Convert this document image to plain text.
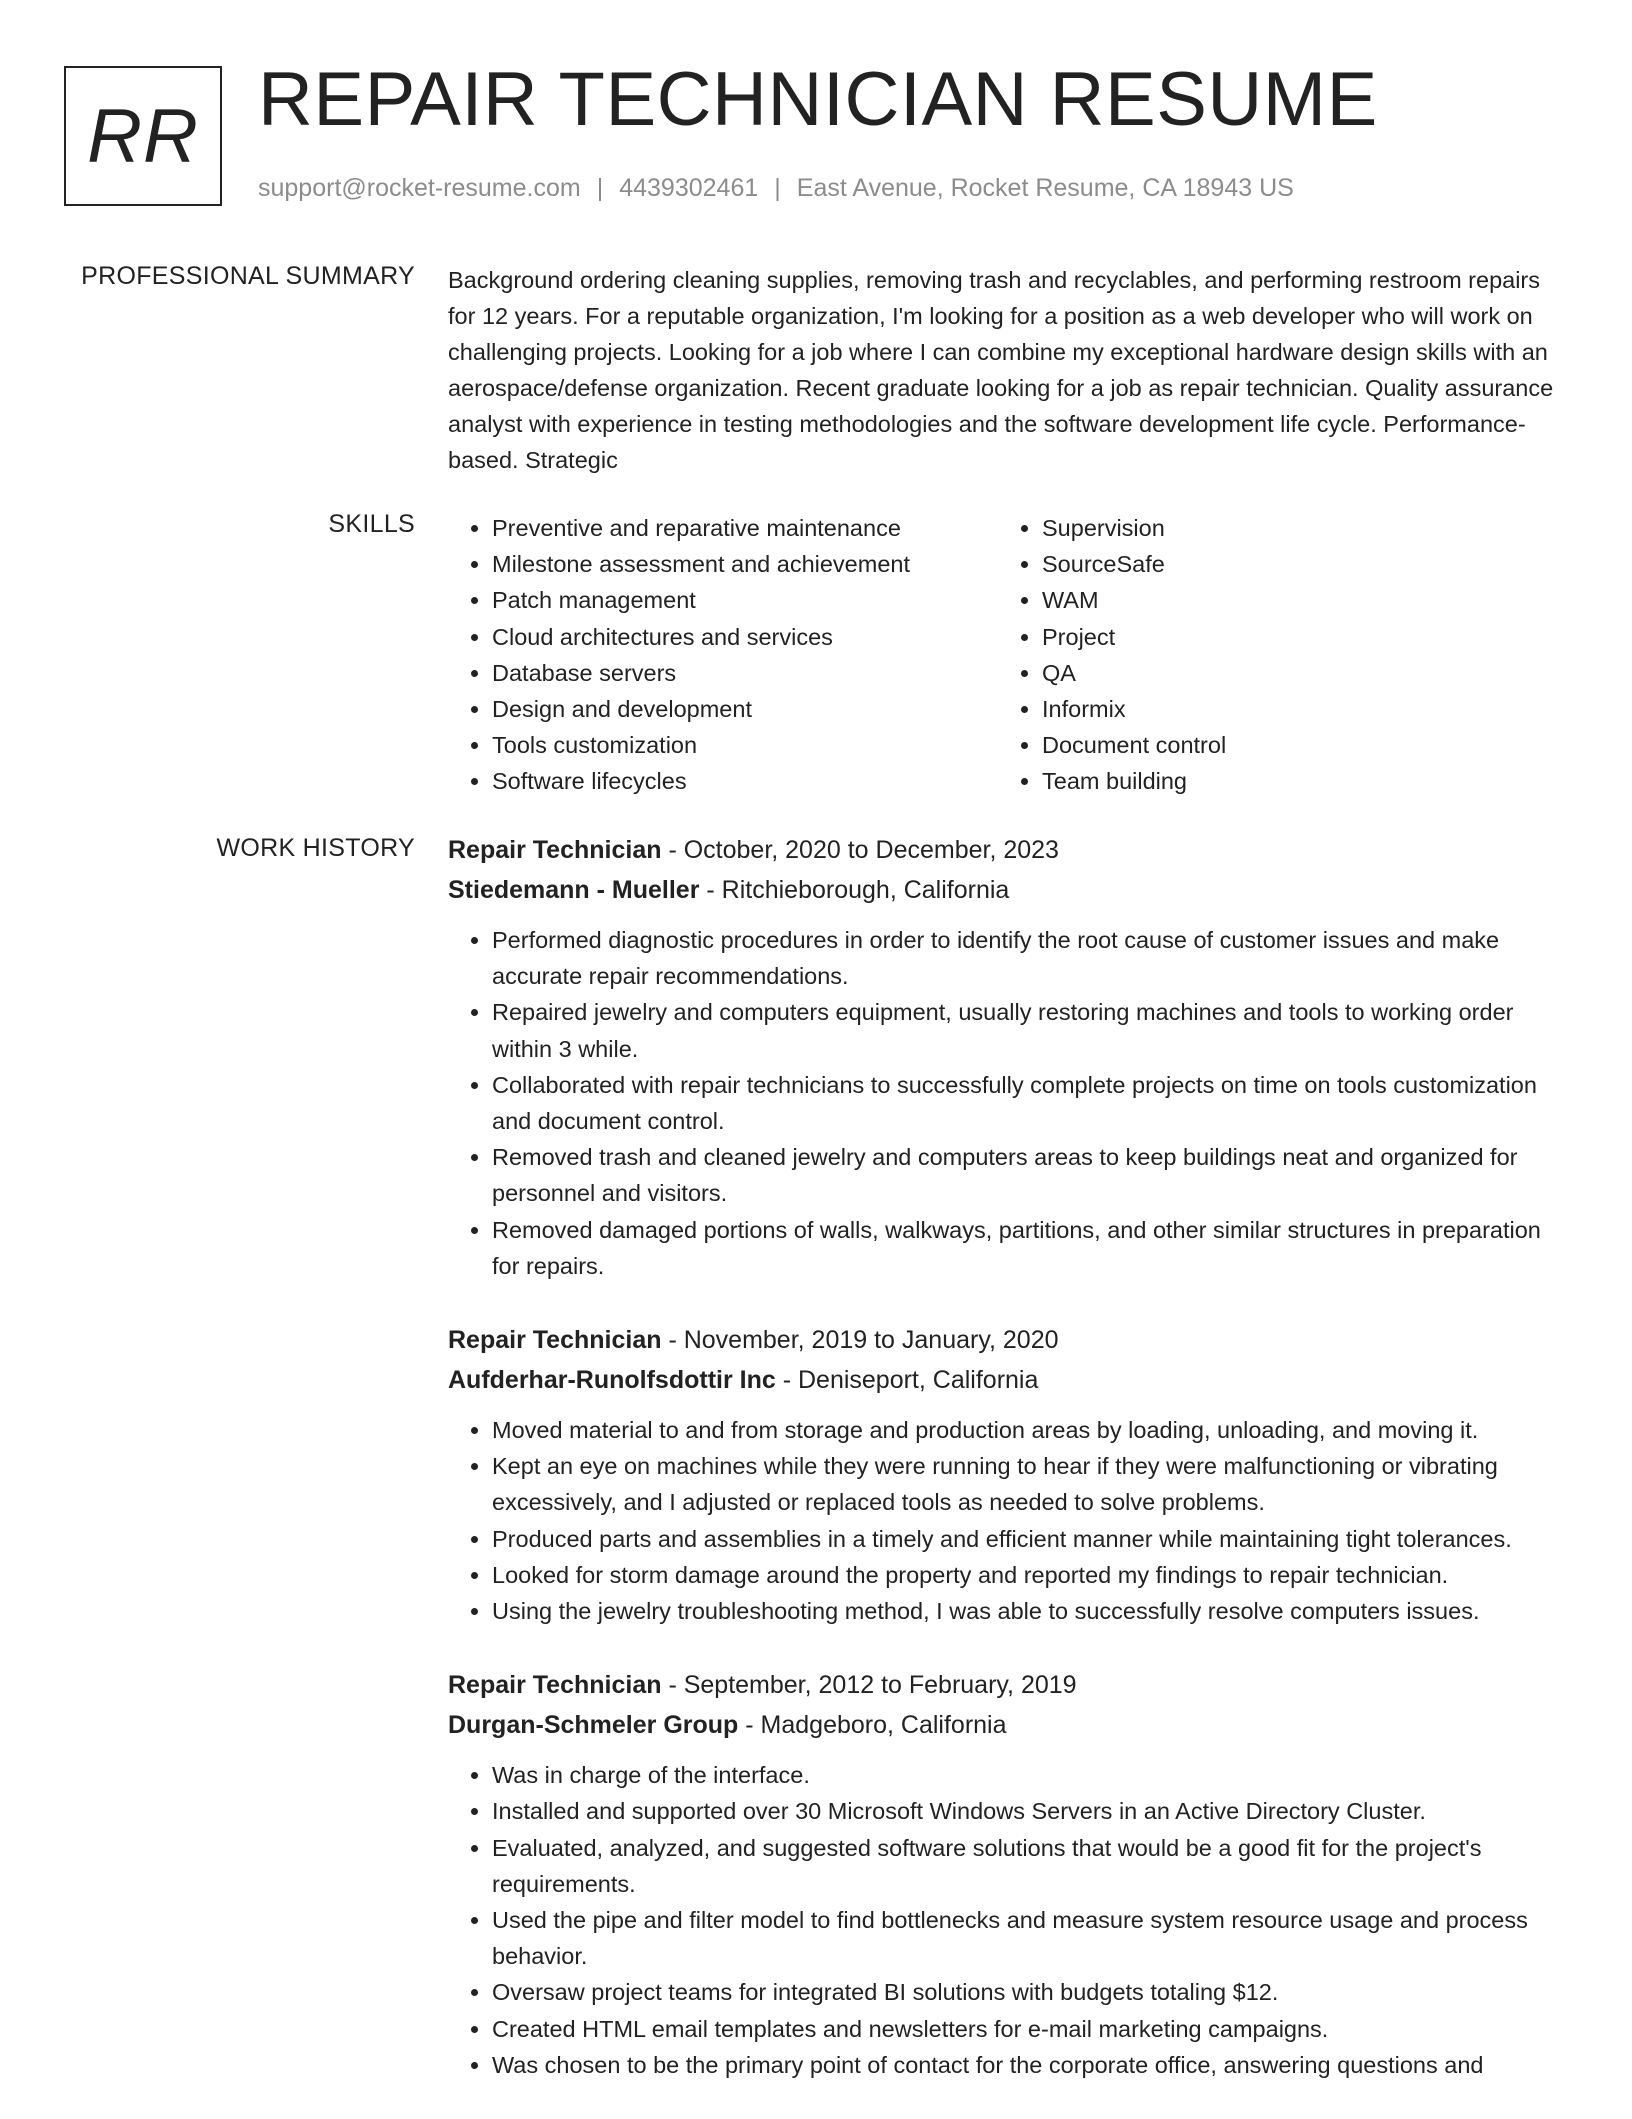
RR REPAIR TECHNICIAN RESUME
support@rocket-resume.com | 4439302461 | East Avenue, Rocket Resume, CA 18943 US
PROFESSIONAL SUMMARY Background ordering cleaning supplies, removing trash and recyclables, and performing restroom repairs for 12 years. For a reputable organization, I'm looking for a position as a web developer who will work on challenging projects. Looking for a job where I can combine my exceptional hardware design skills with an aerospace/defense organization. Recent graduate looking for a job as repair technician. Quality assurance analyst with experience in testing methodologies and the software development life cycle. Performance-based. Strategic

SKILLS
•	Preventive and reparative maintenance
• Milestone assessment and achievement
• Patch management
• Cloud architectures and services
• Database servers
• Design and development
• Tools customization
• Software lifecycles
• Supervision
• SourceSafe
• WAM
• Project
• QA
• Informix
• Document control
• Team building
WORK HISTORY Repair Technician - October, 2020 to December, 2023
Stiedemann - Mueller - Ritchieborough, California
• Performed diagnostic procedures in order to identify the root cause of customer issues and make accurate repair recommendations.
• Repaired jewelry and computers equipment, usually restoring machines and tools to working order within 3 while.
• Collaborated with repair technicians to successfully complete projects on time on tools customization and document control.
• Removed trash and cleaned jewelry and computers areas to keep buildings neat and organized for personnel and visitors.
• Removed damaged portions of walls, walkways, partitions, and other similar structures in preparation for repairs.
Repair Technician - November, 2019 to January, 2020
Aufderhar-Runolfsdottir Inc - Deniseport, California
• Moved material to and from storage and production areas by loading, unloading, and moving it.
• Kept an eye on machines while they were running to hear if they were malfunctioning or vibrating excessively, and I adjusted or replaced tools as needed to solve problems.
• Produced parts and assemblies in a timely and efficient manner while maintaining tight tolerances.
• Looked for storm damage around the property and reported my findings to repair technician.
• Using the jewelry troubleshooting method, I was able to successfully resolve computers issues.
Repair Technician - September, 2012 to February, 2019
Durgan-Schmeler Group - Madgeboro, California
• Was in charge of the interface.
• Installed and supported over 30 Microsoft Windows Servers in an Active Directory Cluster.
• Evaluated, analyzed, and suggested software solutions that would be a good fit for the project's requirements.
• Used the pipe and filter model to find bottlenecks and measure system resource usage and process behavior.
• Oversaw project teams for integrated BI solutions with budgets totaling $12.
• Created HTML email templates and newsletters for e-mail marketing campaigns.
• Was chosen to be the primary point of contact for the corporate office, answering questions and
